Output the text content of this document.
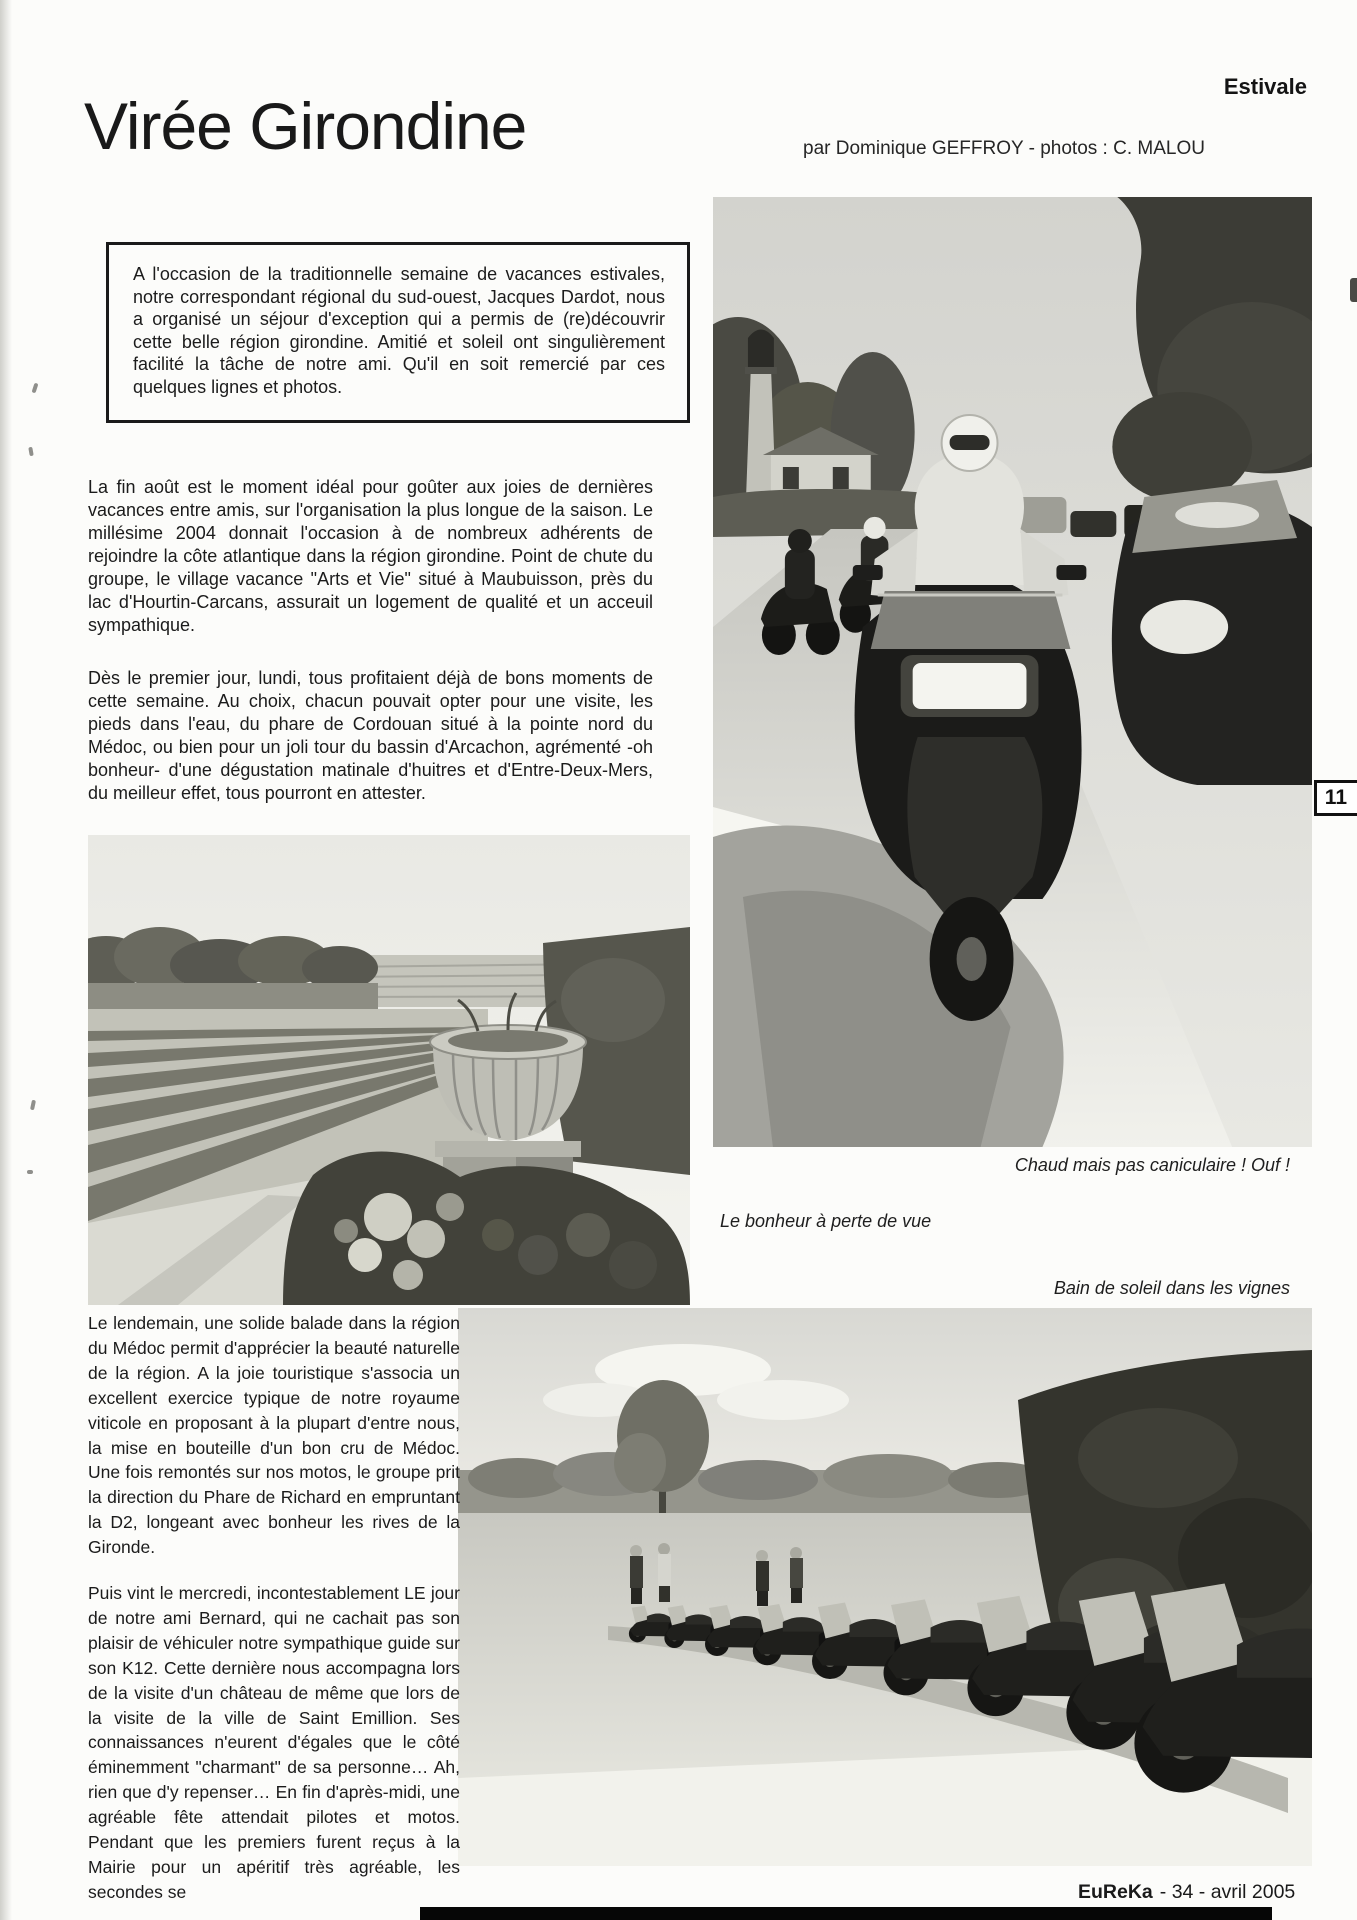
Estivale
Virée Girondine	par Dominique GEFFROY - photos : C. MALOU

A l'occasion de la traditionnelle semaine de vacances estivales, notre correspondant régional du sud-ouest, Jacques Dardot, nous a organisé un séjour d'exception qui a permis de (re)découvrir cette belle région girondine. Amitié et soleil ont singulièrement facilité la tâche de notre ami. Qu'il en soit remercié par ces quelques lignes et photos.

La fin août est le moment idéal pour goûter aux joies de dernières vacances entre amis, sur l'organisation la plus longue de la saison. Le millésime 2004 donnait l'occasion à de nombreux adhérents de rejoindre la côte atlantique dans la région girondine. Point de chute du groupe, le village vacance "Arts et Vie" situé à Maubuisson, près du lac d'Hourtin-Carcans, assurait un logement de qualité et un acceuil sympathique.

Dès le premier jour, lundi, tous profitaient déjà de bons moments de cette semaine. Au choix, chacun pouvait opter pour une visite, les pieds dans l'eau, du phare de Cordouan situé à la pointe nord du Médoc, ou bien pour un joli tour du bassin d'Arcachon, agrémenté -oh bonheur- d'une dégustation matinale d'huitres et d'Entre-Deux-Mers, du meilleur effet, tous pourront en attester.

Chaud mais pas caniculaire ! Ouf !
Le bonheur à perte de vue
Bain de soleil dans les vignes

Le lendemain, une solide balade dans la région du Médoc permit d'apprécier la beauté naturelle de la région. A la joie touristique s'associa un excellent exercice typique de notre royaume viticole en proposant à la plupart d'entre nous, la mise en bouteille d'un bon cru de Médoc. Une fois remontés sur nos motos, le groupe prit la direction du Phare de Richard en empruntant la D2, longeant avec bonheur les rives de la Gironde.

Puis vint le mercredi, incontestablement LE jour de notre ami Bernard, qui ne cachait pas son plaisir de véhiculer notre sympathique guide sur son K12. Cette dernière nous accompagna lors de la visite d'un château de même que lors de la visite de la ville de Saint Emillion. Ses connaissances n'eurent d'égales que le côté éminemment "charmant" de sa personne… Ah, rien que d'y repenser… En fin d'après-midi, une agréable fête attendait pilotes et motos. Pendant que les premiers furent reçus à la Mairie pour un apéritif très agréable, les secondes se

11
EuReKa - 34 - avril 2005
